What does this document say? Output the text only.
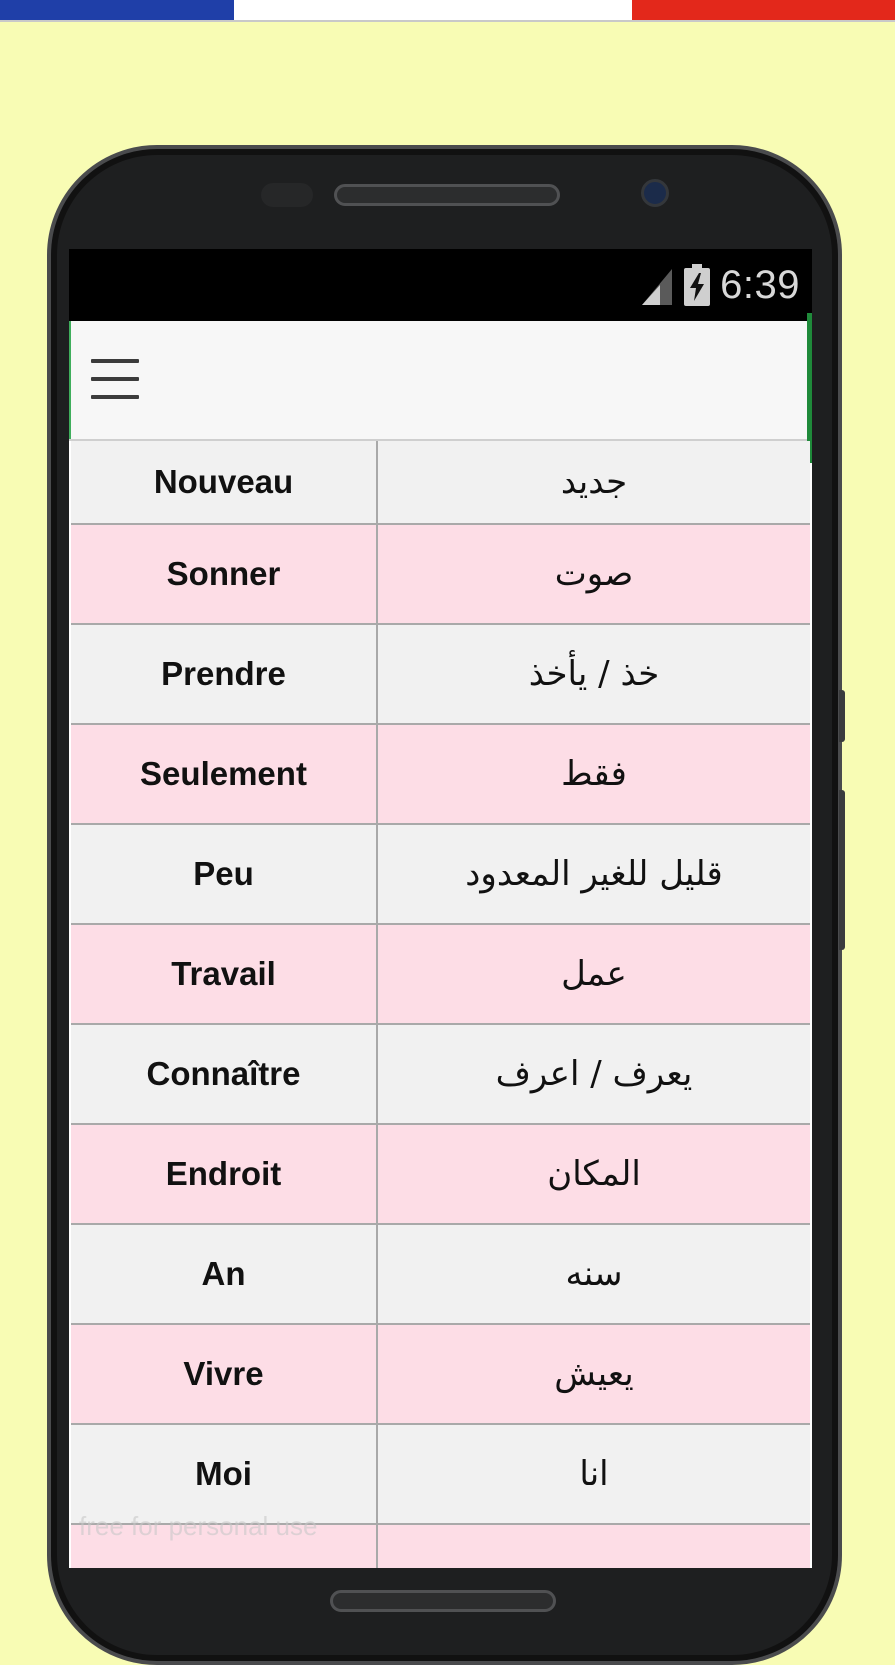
6:39
Nouveau	جديد
Sonner	صوت
Prendre	خذ / يأخذ
Seulement	فقط
Peu	قليل للغير المعدود
Travail	عمل
Connaître	يعرف / اعرف
Endroit	المكان
An	سنه
Vivre	يعيش
Moi	انا
free for personal use
